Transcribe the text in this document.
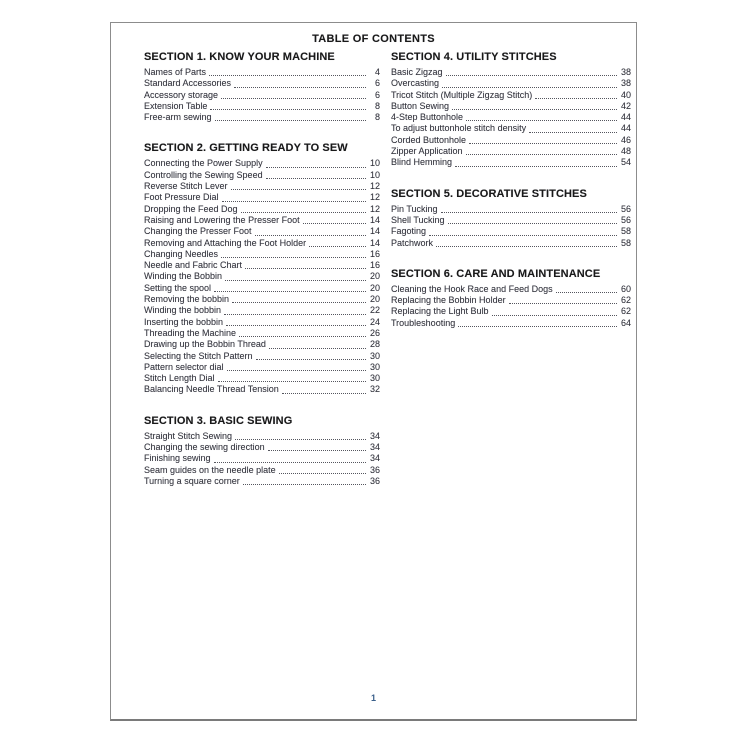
TABLE OF CONTENTS
SECTION 1. KNOW YOUR MACHINE
Names of Parts	4
Standard Accessories	6
Accessory storage	6
Extension Table	8
Free-arm sewing	8
SECTION 2. GETTING READY TO SEW
Connecting the Power Supply	10
Controlling the Sewing Speed	10
Reverse Stitch Lever	12
Foot Pressure Dial	12
Dropping the Feed Dog	12
Raising and Lowering the Presser Foot	14
Changing the Presser Foot	14
Removing and Attaching the Foot Holder	14
Changing Needles	16
Needle and Fabric Chart	16
Winding the Bobbin	20
Setting the spool	20
Removing the bobbin	20
Winding the bobbin	22
Inserting the bobbin	24
Threading the Machine	26
Drawing up the Bobbin Thread	28
Selecting the Stitch Pattern	30
Pattern selector dial	30
Stitch Length Dial	30
Balancing Needle Thread Tension	32
SECTION 3. BASIC SEWING
Straight Stitch Sewing	34
Changing the sewing direction	34
Finishing sewing	34
Seam guides on the needle plate	36
Turning a square corner	36
SECTION 4. UTILITY STITCHES
Basic Zigzag	38
Overcasting	38
Tricot Stitch (Multiple Zigzag Stitch)	40
Button Sewing	42
4-Step Buttonhole	44
To adjust buttonhole stitch density	44
Corded Buttonhole	46
Zipper Application	48
Blind Hemming	54
SECTION 5. DECORATIVE STITCHES
Pin Tucking	56
Shell Tucking	56
Fagoting	58
Patchwork	58
SECTION 6. CARE AND MAINTENANCE
Cleaning the Hook Race and Feed Dogs	60
Replacing the Bobbin Holder	62
Replacing the Light Bulb	62
Troubleshooting	64
1
